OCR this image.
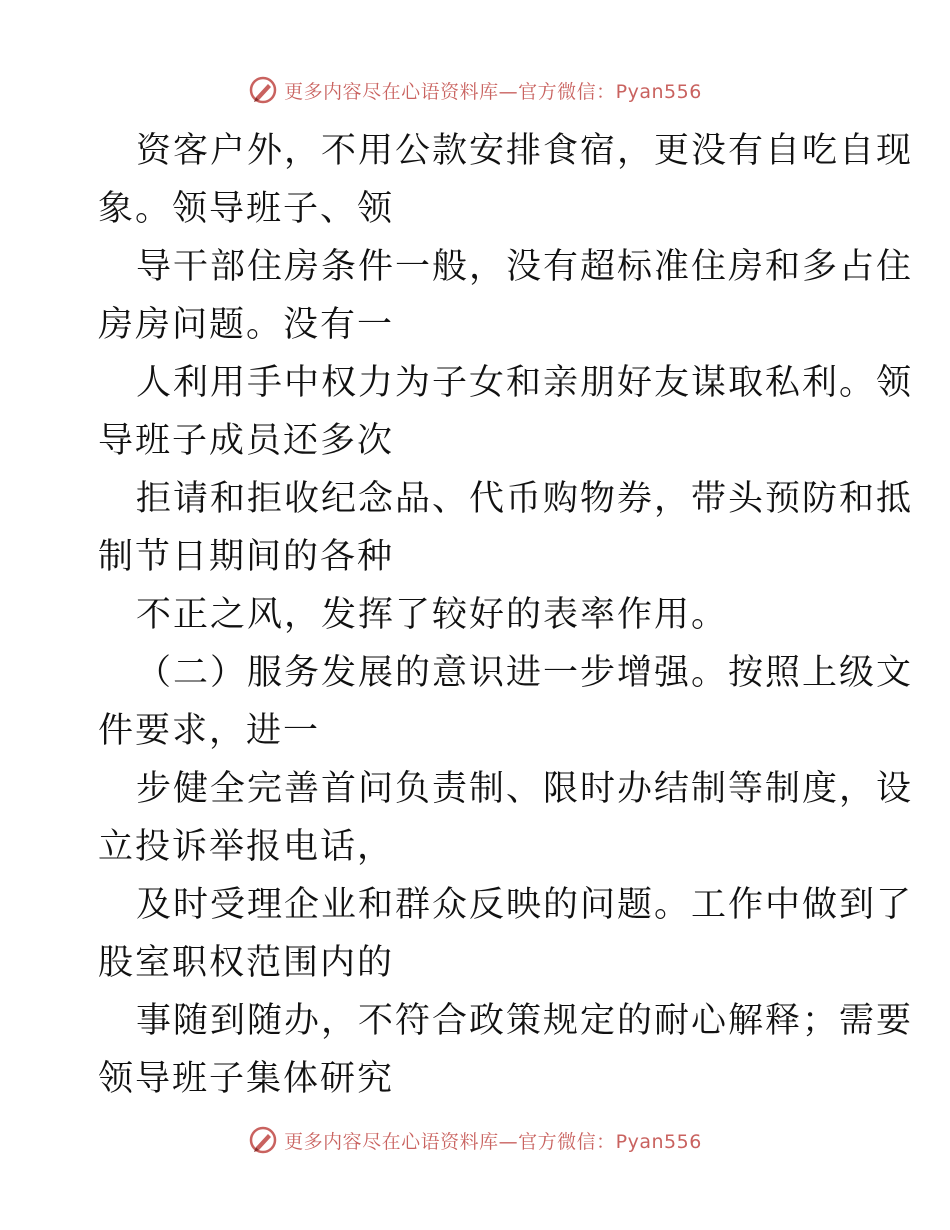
更多内容尽在心语资料库—官方微信：Pyan556

资客户外，不用公款安排食宿，更没有自吃自现
象。领导班子、领

导干部住房条件一般，没有超标准住房和多占住
房房问题。没有一

人利用手中权力为子女和亲朋好友谋取私利。领
导班子成员还多次

拒请和拒收纪念品、代币购物券，带头预防和抵
制节日期间的各种

不正之风，发挥了较好的表率作用。

（二）服务发展的意识进一步增强。按照上级文
件要求，进一

步健全完善首问负责制、限时办结制等制度，设
立投诉举报电话，

及时受理企业和群众反映的问题。工作中做到了
股室职权范围内的

事随到随办，不符合政策规定的耐心解释；需要
领导班子集体研究

更多内容尽在心语资料库—官方微信：Pyan556
